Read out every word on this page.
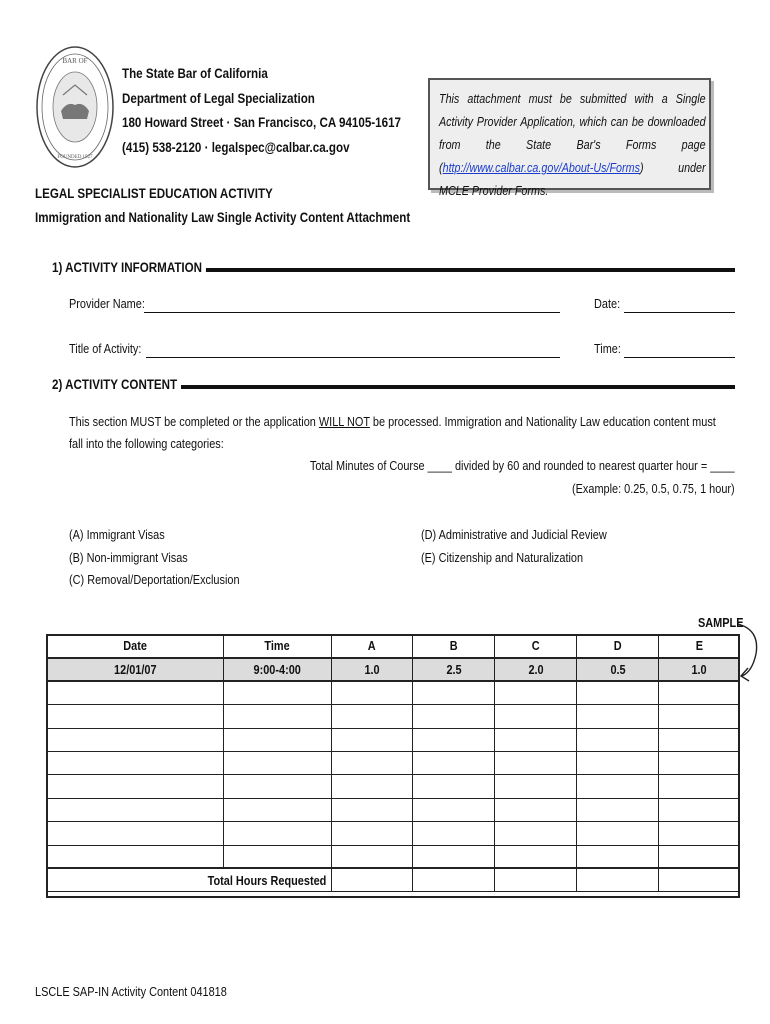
BAR OF
FOUNDED 1927
The State Bar of California
Department of Legal Specialization
180 Howard Street · San Francisco, CA 94105-1617
(415) 538-2120 · legalspec@calbar.ca.gov
This attachment must be submitted with a Single Activity Provider Application, which can be downloaded from the State Bar's Forms page (http://www.calbar.ca.gov/About-Us/Forms) under MCLE Provider Forms.
LEGAL SPECIALIST EDUCATION ACTIVITY
Immigration and Nationality Law Single Activity Content Attachment
1) ACTIVITY INFORMATION
Provider Name:	Date:
Title of Activity:	Time:
2) ACTIVITY CONTENT
This section MUST be completed or the application WILL NOT be processed. Immigration and Nationality Law education content must fall into the following categories:
Total Minutes of Course ____ divided by 60 and rounded to nearest quarter hour = ____
(Example: 0.25, 0.5, 0.75, 1 hour)
(A) Immigrant Visas
(B) Non-immigrant Visas
(C) Removal/Deportation/Exclusion
(D) Administrative and Judicial Review
(E) Citizenship and Naturalization
SAMPLE
Date	Time	A	B	C	D	E
12/01/07	9:00-4:00	1.0	2.5	2.0	0.5	1.0

Total Hours Requested						
LSCLE SAP-IN Activity Content 041818
